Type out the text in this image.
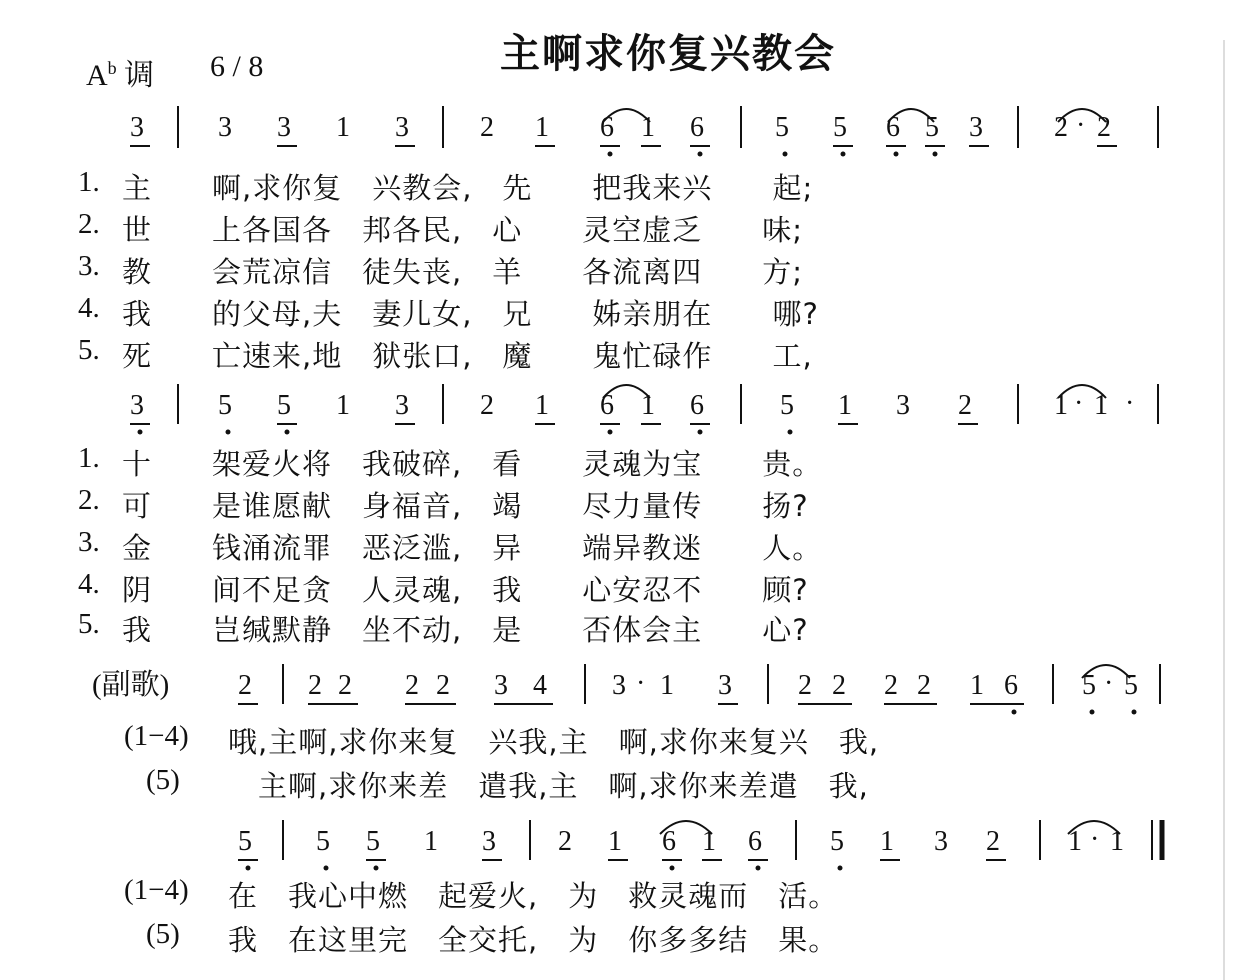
主啊求你复兴教会
$A^b$ 调 6 / 8
3	3 3 1 3	2 1 6 1 6	5 5 6 5 3	2 · 2
1. 主　　啊,求你复　兴教会,　先　　把我来兴　　起;
2. 世　　上各国各　邦各民,　心　　灵空虚乏　　味;
3. 教　　会荒凉信　徒失丧,　羊　　各流离四　　方;
4. 我　　的父母,夫　妻儿女,　兄　　姊亲朋在　　哪?
5. 死　　亡速来,地　狱张口,　魔　　鬼忙碌作　　工,
3	5 5 1 3	2 1 6 1 6	5 1 3 2	1 · 1 ·
1. 十　　架爱火将　我破碎,　看　　灵魂为宝　　贵。
2. 可　　是谁愿献　身福音,　竭　　尽力量传　　扬?
3. 金　　钱涌流罪　恶泛滥,　异　　端异教迷　　人。
4. 阴　　间不足贪　人灵魂,　我　　心安忍不　　顾?
5. 我　　岂缄默静　坐不动,　是　　否体会主　　心?
(副歌) 2 2 2 2 2 3 4 3 · 1 3 2 2 2 2 1 6 5 · 5
(1−4) 哦,主啊,求你来复　兴我,主　啊,求你来复兴　我,
(5) 　主啊,求你来差　遣我,主　啊,求你来差遣　我,
5 5 5 1 3 2 1 6 1 6 5 1 3 2 1 · 1
(1−4) 在　我心中燃　起爱火,　为　救灵魂而　活。
(5) 我　在这里完　全交托,　为　你多多结　果。
